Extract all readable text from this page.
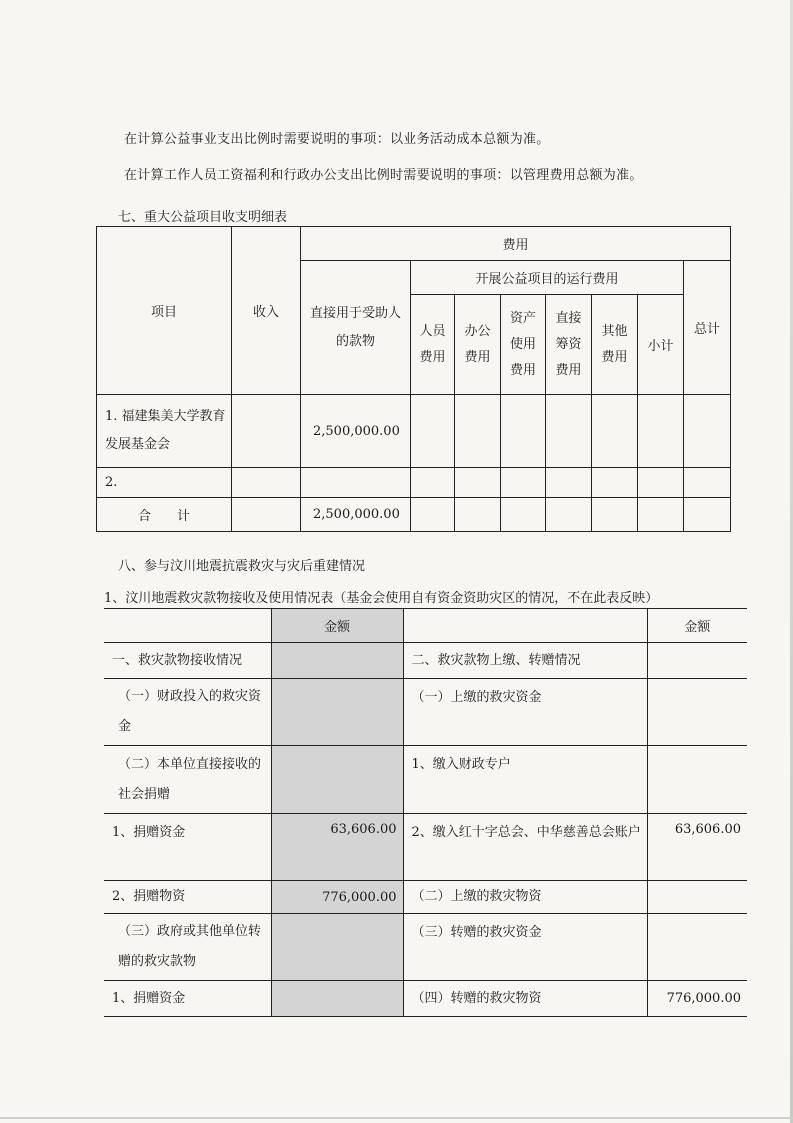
在计算公益事业支出比例时需要说明的事项：以业务活动成本总额为准。
在计算工作人员工资福利和行政办公支出比例时需要说明的事项：以管理费用总额为准。
七、重大公益项目收支明细表
项目	收入	费用							
		直接用于受助人的款物	开展公益项目的运行费用						总计
			人员费用	办公费用	资产使用费用	直接筹资费用	其他费用	小计	
1. 福建集美大学教育发展基金会		2,500,000.00							
2.									
合　　计		2,500,000.00							
八、参与汶川地震抗震救灾与灾后重建情况
1、汶川地震救灾款物接收及使用情况表（基金会使用自有资金资助灾区的情况，不在此表反映）
	金额		金额
一、救灾款物接收情况		二、救灾款物上缴、转赠情况	
（一）财政投入的救灾资金		（一）上缴的救灾资金	
（二）本单位直接接收的社会捐赠		1、缴入财政专户	
1、捐赠资金	63,606.00	2、缴入红十字总会、中华慈善总会账户	63,606.00
2、捐赠物资	776,000.00	（二）上缴的救灾物资	
（三）政府或其他单位转赠的救灾款物		（三）转赠的救灾资金	
1、捐赠资金		（四）转赠的救灾物资	776,000.00
